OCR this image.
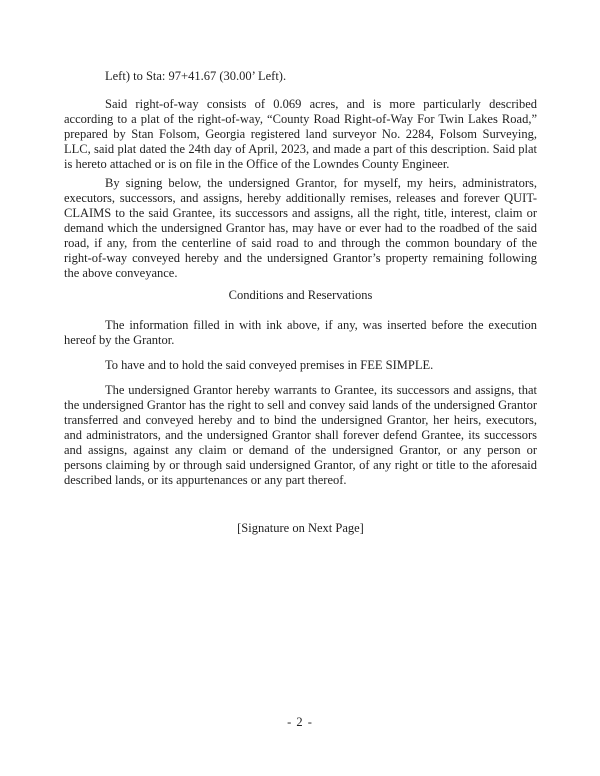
Left) to Sta: 97+41.67 (30.00’ Left).

Said right-of-way consists of 0.069 acres, and is more particularly described according to a plat of the right-of-way, “County Road Right-of-Way For Twin Lakes Road,” prepared by Stan Folsom, Georgia registered land surveyor No. 2284, Folsom Surveying, LLC, said plat dated the 24th day of April, 2023, and made a part of this description. Said plat is hereto attached or is on file in the Office of the Lowndes County Engineer.

By signing below, the undersigned Grantor, for myself, my heirs, administrators, executors, successors, and assigns, hereby additionally remises, releases and forever QUIT-CLAIMS to the said Grantee, its successors and assigns, all the right, title, interest, claim or demand which the undersigned Grantor has, may have or ever had to the roadbed of the said road, if any, from the centerline of said road to and through the common boundary of the right-of-way conveyed hereby and the undersigned Grantor’s property remaining following the above conveyance.

Conditions and Reservations

The information filled in with ink above, if any, was inserted before the execution hereof by the Grantor.

To have and to hold the said conveyed premises in FEE SIMPLE.

The undersigned Grantor hereby warrants to Grantee, its successors and assigns, that the undersigned Grantor has the right to sell and convey said lands of the undersigned Grantor transferred and conveyed hereby and to bind the undersigned Grantor, her heirs, executors, and administrators, and the undersigned Grantor shall forever defend Grantee, its successors and assigns, against any claim or demand of the undersigned Grantor, or any person or persons claiming by or through said undersigned Grantor, of any right or title to the aforesaid described lands, or its appurtenances or any part thereof.

[Signature on Next Page]

- 2 -
